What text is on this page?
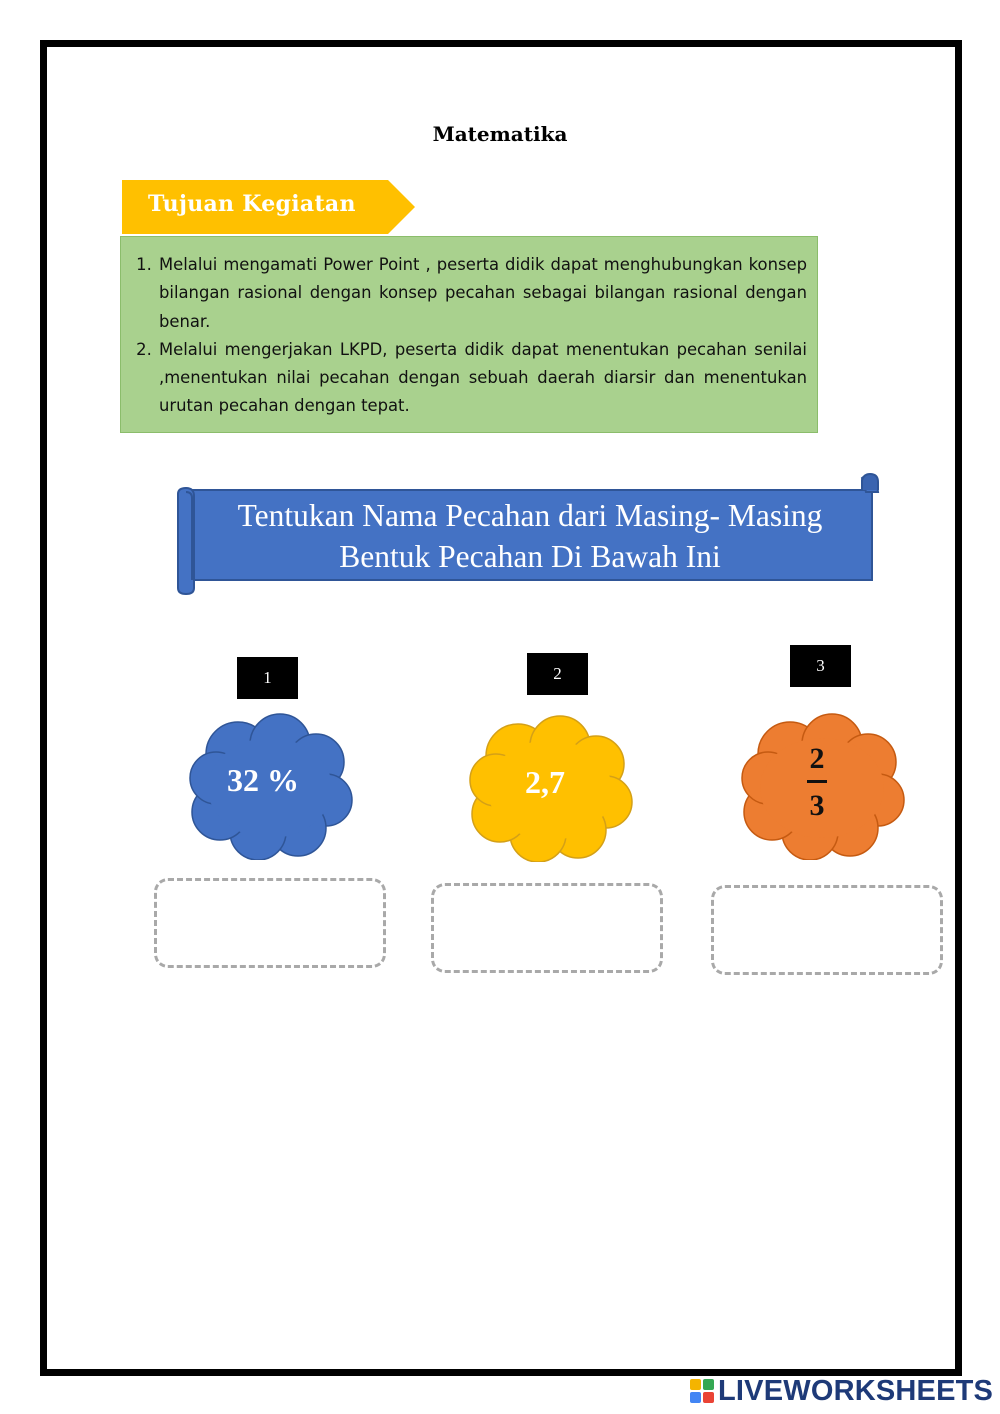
Matematika
Tujuan Kegiatan
1. Melalui mengamati Power Point , peserta didik dapat menghubungkan konsep bilangan rasional dengan konsep pecahan sebagai bilangan rasional dengan benar.
2. Melalui mengerjakan LKPD, peserta didik dapat menentukan pecahan senilai ,menentukan nilai pecahan dengan sebuah daerah diarsir dan menentukan urutan pecahan dengan tepat.
Tentukan Nama Pecahan dari Masing- Masing
Bentuk Pecahan Di Bawah Ini
1	2	3
32 %	2,7
2
3
LIVEWORKSHEETS
